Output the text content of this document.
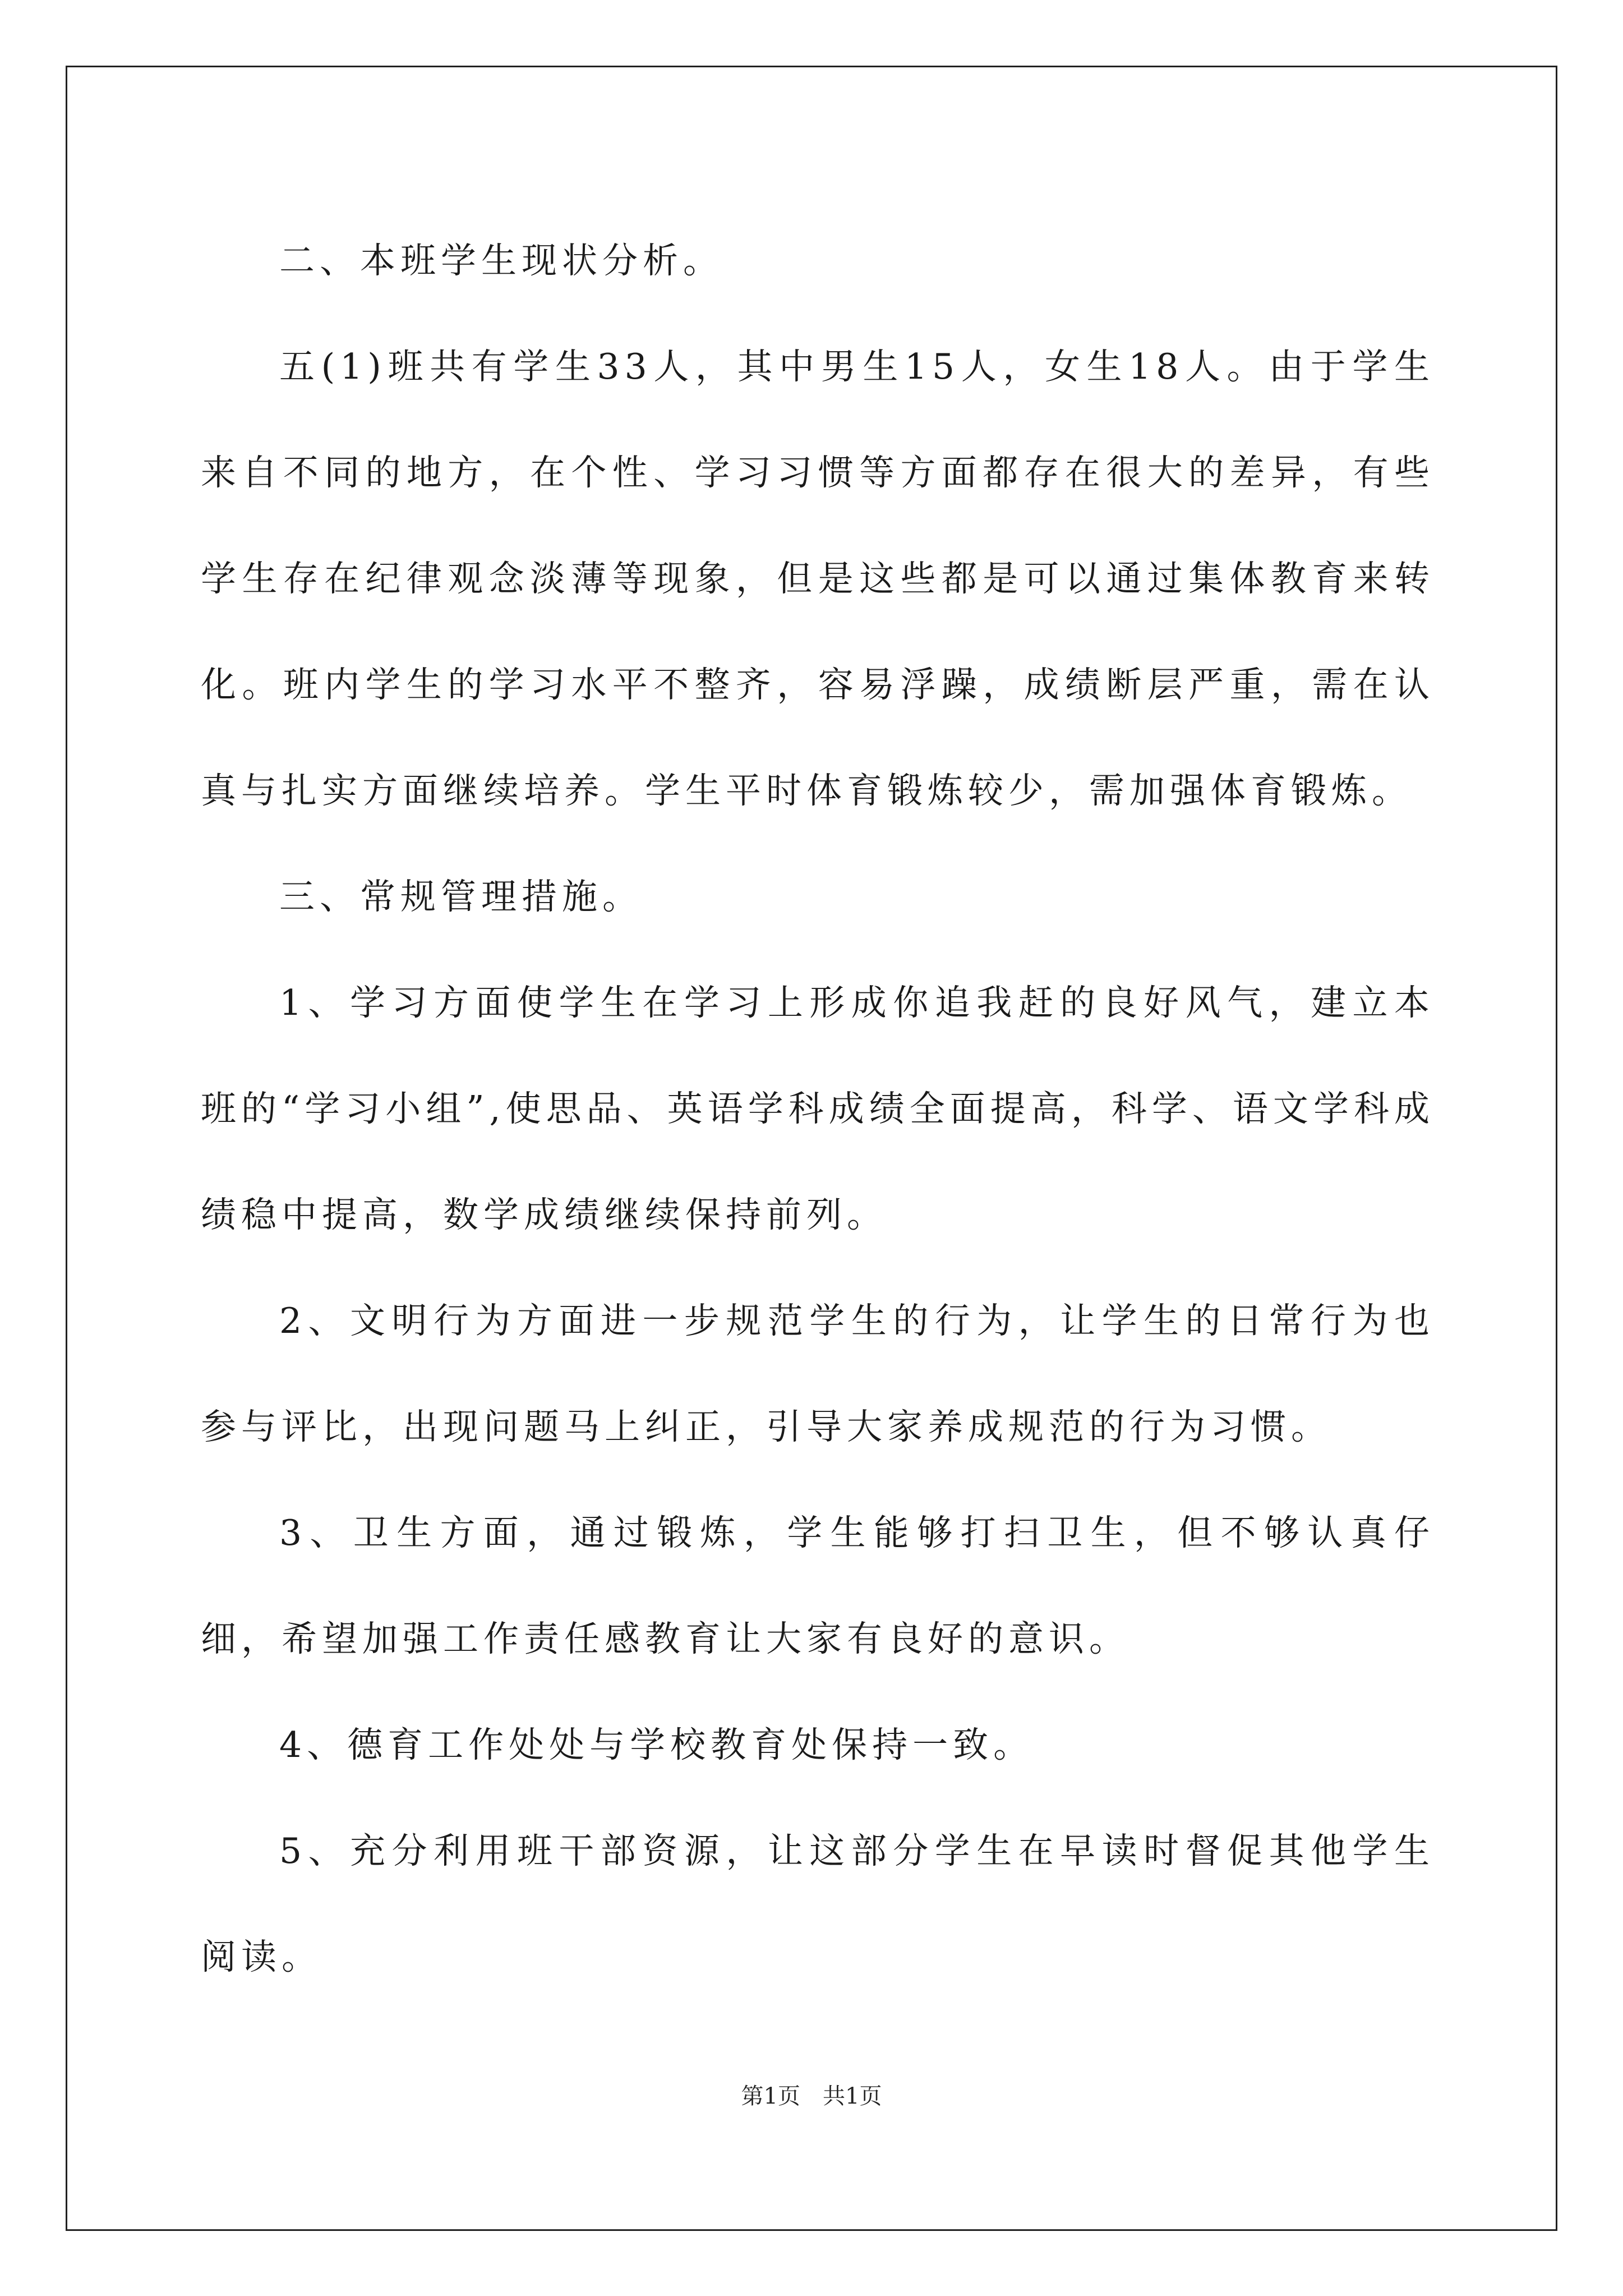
二、本班学生现状分析。

五(1)班共有学生33人，其中男生15人，女生18人。由于学生来自不同的地方，在个性、学习习惯等方面都存在很大的差异，有些学生存在纪律观念淡薄等现象，但是这些都是可以通过集体教育来转化。班内学生的学习水平不整齐，容易浮躁，成绩断层严重，需在认真与扎实方面继续培养。学生平时体育锻炼较少，需加强体育锻炼。

三、常规管理措施。

1、学习方面使学生在学习上形成你追我赶的良好风气，建立本班的“学习小组”,使思品、英语学科成绩全面提高，科学、语文学科成绩稳中提高，数学成绩继续保持前列。

2、文明行为方面进一步规范学生的行为，让学生的日常行为也参与评比，出现问题马上纠正，引导大家养成规范的行为习惯。

3、卫生方面，通过锻炼，学生能够打扫卫生，但不够认真仔细，希望加强工作责任感教育让大家有良好的意识。

4、德育工作处处与学校教育处保持一致。

5、充分利用班干部资源，让这部分学生在早读时督促其他学生阅读。

第1页 共1页
